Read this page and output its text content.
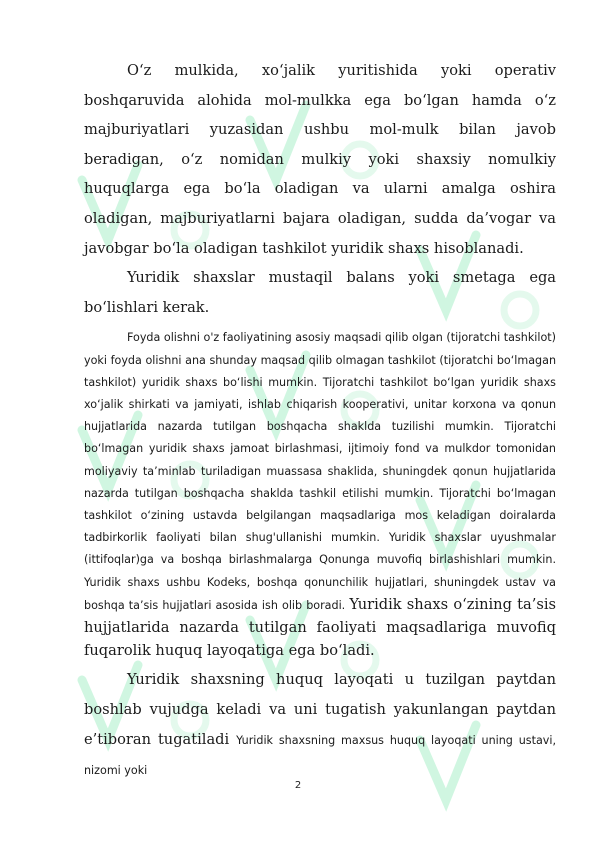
O‘z mulkida, xo‘jalik yuritishida yoki operativ boshqaruvida alohida mol-mulkka ega bo‘lgan hamda o‘z majburiyatlari yuzasidan ushbu mol-mulk bilan javob beradigan, o‘z nomidan mulkiy yoki shaxsiy nomulkiy huquqlarga ega bo‘la oladigan va ularni amalga oshira oladigan, majburiyatlarni bajara oladigan, sudda da’vogar va javobgar bo‘la oladigan tashkilot yuridik shaxs hisoblanadi.

Yuridik shaxslar mustaqil balans yoki smetaga ega bo‘lishlari kerak.

Foyda olishni o'z faoliyatining asosiy maqsadi qilib olgan (tijoratchi tashkilot) yoki foyda olishni ana shunday maqsad qilib olmagan tashkilot (tijoratchi bo‘lmagan tashkilot) yuridik shaxs bo‘lishi mumkin. Tijoratchi tashkilot bo‘lgan yuridik shaxs xo‘jalik shirkati va jamiyati, ishlab chiqarish kooperativi, unitar korxona va qonun hujjatlarida nazarda tutilgan boshqacha shaklda tuzilishi mumkin. Tijoratchi bo‘lmagan yuridik shaxs jamoat birlashmasi, ijtimoiy fond va mulkdor tomonidan moliyaviy ta’minlab turiladigan muassasa shaklida, shuningdek qonun hujjatlarida nazarda tutilgan boshqacha shaklda tashkil etilishi mumkin. Tijoratchi bo‘lmagan tashkilot o‘zining ustavda belgilangan maqsadlariga mos keladigan doiralarda tadbirkorlik faoliyati bilan shug'ullanishi mumkin. Yuridik shaxslar uyushmalar (ittifoqlar)ga va boshqa birlashmalarga Qonunga muvofiq birlashishlari mumkin. Yuridik shaxs ushbu Kodeks, boshqa qonunchilik hujjatlari, shuningdek ustav va boshqa ta’sis hujjatlari asosida ish olib boradi. Yuridik shaxs o‘zining ta’sis hujjatlarida nazarda tutilgan faoliyati maqsadlariga muvofiq fuqarolik huquq layoqatiga ega bo‘ladi.

Yuridik shaxsning huquq layoqati u tuzilgan paytdan boshlab vujudga keladi va uni tugatish yakunlangan paytdan e’tiboran tugatiladi Yuridik shaxsning maxsus huquq layoqati uning ustavi, nizomi yoki

2
